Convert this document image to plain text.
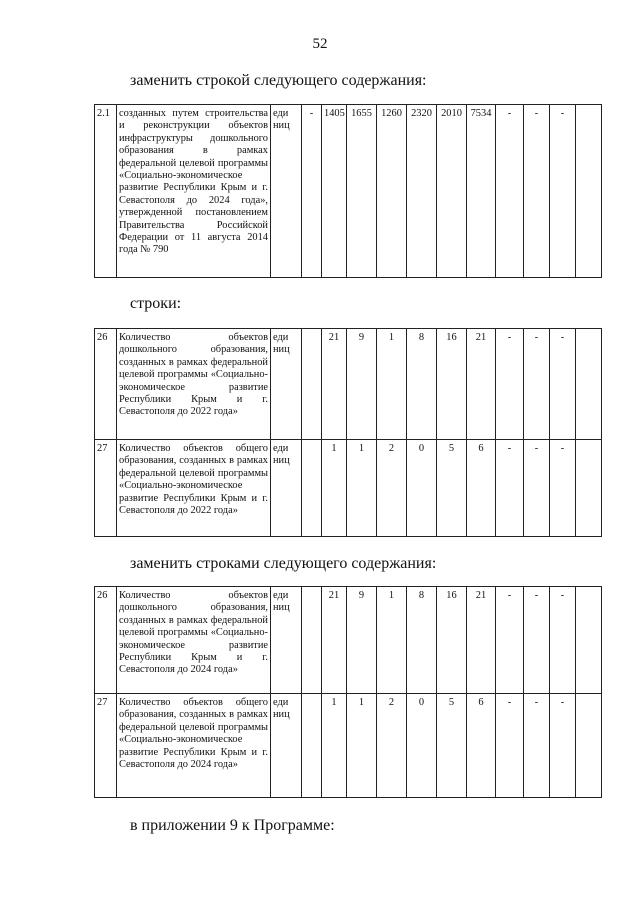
52
заменить строкой следующего содержания:
2.1	созданных путем строительства и реконструкции объектов инфраструктуры дошкольного образования в рамках федеральной целевой программы «Социально-экономическое развитие Республики Крым и г. Севастополя до 2024 года», утвержденной постановлением Правительства Российской Федерации от 11 августа 2014 года № 790	еди ниц	-	1405	1655	1260	2320	2010	7534	-	-	-	
строки:
26	Количество объектов дошкольного образования, созданных в рамках федеральной целевой программы «Социально-экономическое развитие Республики Крым и г. Севастополя до 2022 года»	еди ниц		21	9	1	8	16	21	-	-	-	
27	Количество объектов общего образования, созданных в рамках федеральной целевой программы «Социально-экономическое развитие Республики Крым и г. Севастополя до 2022 года»	еди ниц		1	1	2	0	5	6	-	-	-	
заменить строками следующего содержания:
26	Количество объектов дошкольного образования, созданных в рамках федеральной целевой программы «Социально-экономическое развитие Республики Крым и г. Севастополя до 2024 года»	еди ниц		21	9	1	8	16	21	-	-	-	
27	Количество объектов общего образования, созданных в рамках федеральной целевой программы «Социально-экономическое развитие Республики Крым и г. Севастополя до 2024 года»	еди ниц		1	1	2	0	5	6	-	-	-	
в приложении 9 к Программе:
